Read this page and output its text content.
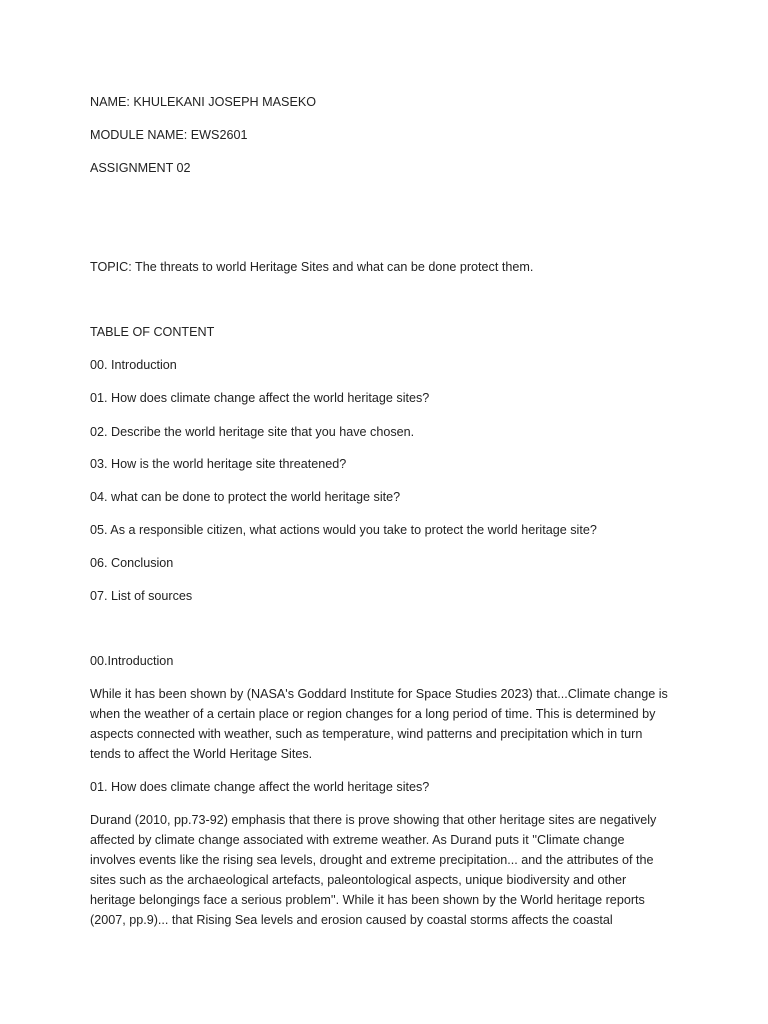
NAME: KHULEKANI JOSEPH MASEKO

MODULE NAME: EWS2601

ASSIGNMENT 02

TOPIC: The threats to world Heritage Sites and what can be done protect them.

TABLE OF CONTENT

00. Introduction

01. How does climate change affect the world heritage sites?

02. Describe the world heritage site that you have chosen.

03. How is the world heritage site threatened?

04. what can be done to protect the world heritage site?

05. As a responsible citizen, what actions would you take to protect the world heritage site?

06. Conclusion

07. List of sources

00.Introduction

While it has been shown by (NASA's Goddard Institute for Space Studies 2023) that...Climate change is

when the weather of a certain place or region changes for a long period of time. This is determined by

aspects connected with weather, such as temperature, wind patterns and precipitation which in turn

tends to affect the World Heritage Sites.

01. How does climate change affect the world heritage sites?

Durand (2010, pp.73-92) emphasis that there is prove showing that other heritage sites are negatively

affected by climate change associated with extreme weather. As Durand puts it ''Climate change

involves events like the rising sea levels, drought and extreme precipitation... and the attributes of the

sites such as the archaeological artefacts, paleontological aspects, unique biodiversity and other

heritage belongings face a serious problem''. While it has been shown by the World heritage reports

(2007, pp.9)... that Rising Sea levels and erosion caused by coastal storms affects the coastal
